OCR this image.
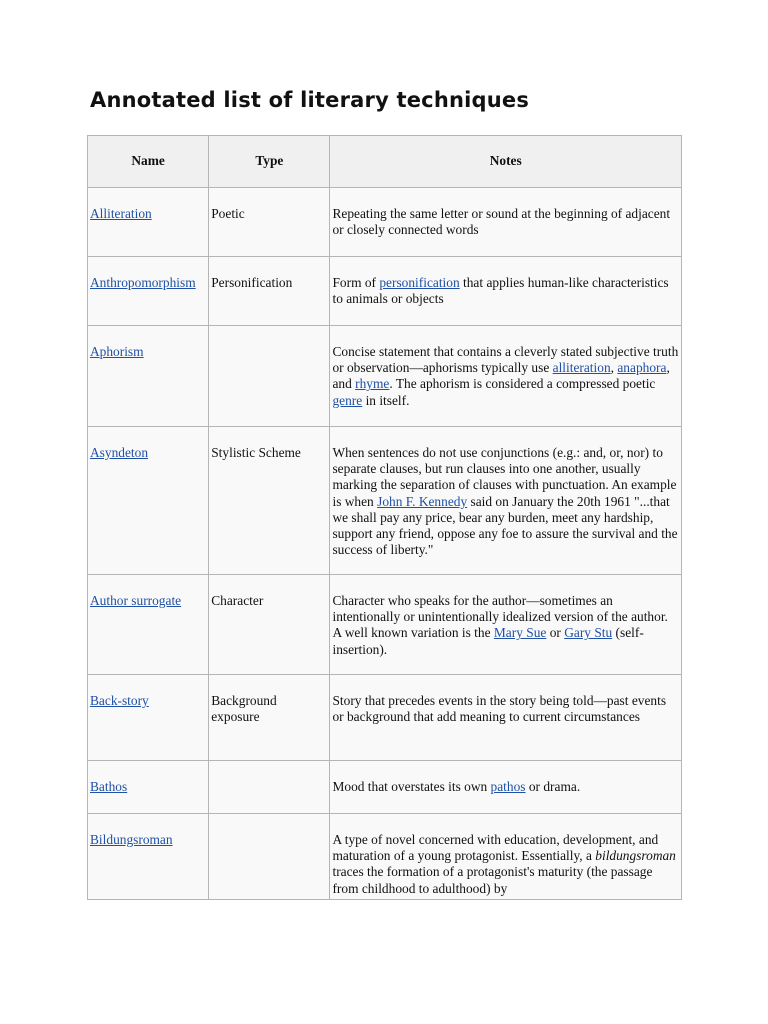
Annotated list of literary techniques
Name	Type	Notes
Alliteration	Poetic	Repeating the same letter or sound at the beginning of adjacent or closely connected words
Anthropomorphism	Personification	Form of personification that applies human-like characteristics to animals or objects
Aphorism		Concise statement that contains a cleverly stated subjective truth or observation—aphorisms typically use alliteration, anaphora, and rhyme. The aphorism is considered a compressed poetic genre in itself.
Asyndeton	Stylistic Scheme	When sentences do not use conjunctions (e.g.: and, or, nor) to separate clauses, but run clauses into one another, usually marking the separation of clauses with punctuation. An example is when John F. Kennedy said on January the 20th 1961 "...that we shall pay any price, bear any burden, meet any hardship, support any friend, oppose any foe to assure the survival and the success of liberty."
Author surrogate	Character	Character who speaks for the author—sometimes an intentionally or unintentionally idealized version of the author. A well known variation is the Mary Sue or Gary Stu (self-insertion).
Back-story	Background exposure	Story that precedes events in the story being told—past events or background that add meaning to current circumstances
Bathos		Mood that overstates its own pathos or drama.
Bildungsroman		A type of novel concerned with education, development, and maturation of a young protagonist. Essentially, a bildungsroman traces the formation of a protagonist's maturity (the passage from childhood to adulthood) by
